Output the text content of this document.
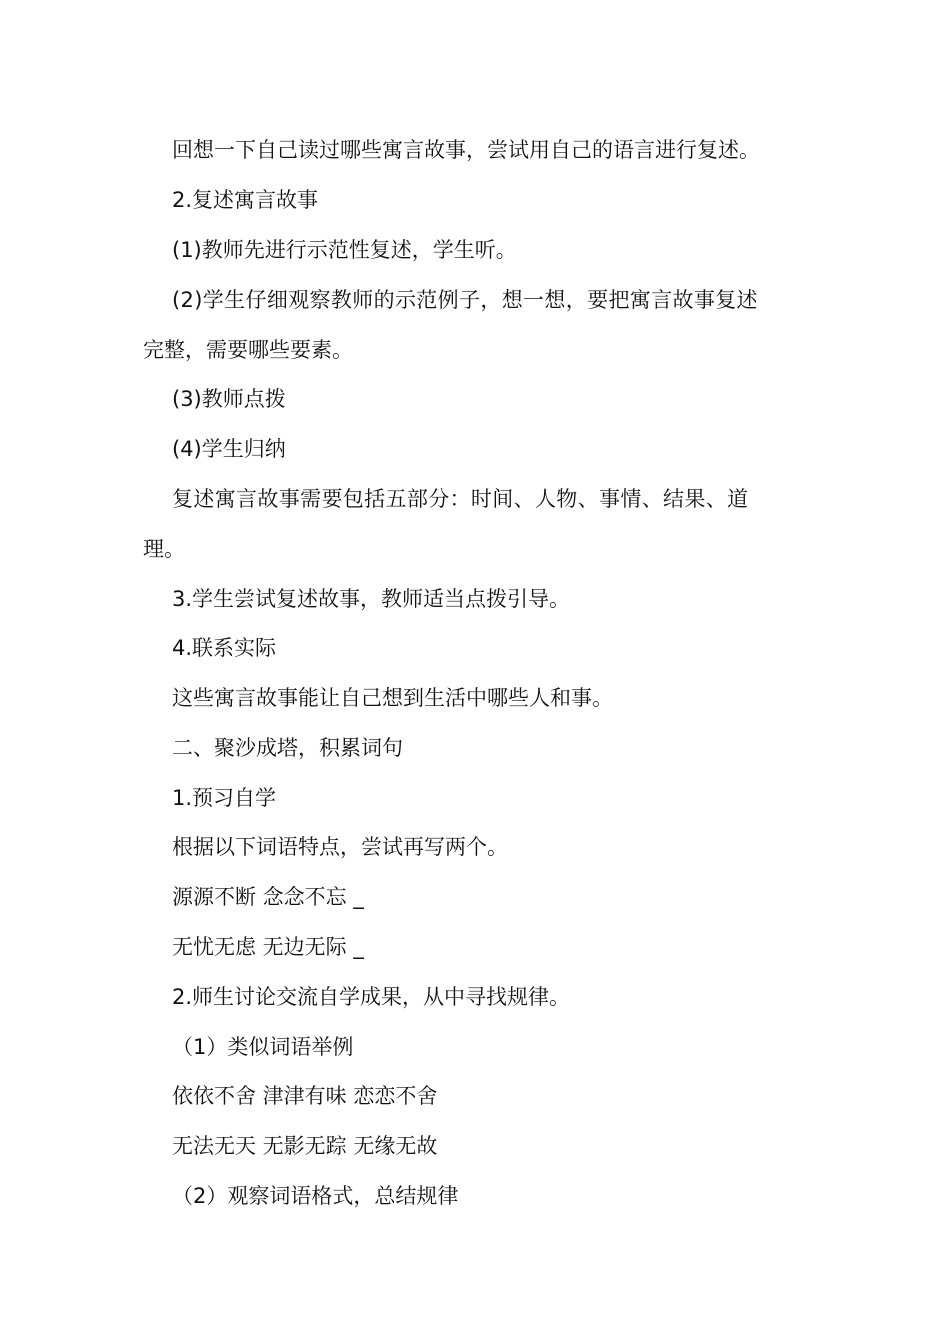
回想一下自己读过哪些寓言故事，尝试用自己的语言进行复述。
2.复述寓言故事
(1)教师先进行示范性复述，学生听。
(2)学生仔细观察教师的示范例子，想一想，要把寓言故事复述
完整，需要哪些要素。
(3)教师点拨
(4)学生归纳
复述寓言故事需要包括五部分：时间、人物、事情、结果、道
理。
3.学生尝试复述故事，教师适当点拨引导。
4.联系实际
这些寓言故事能让自己想到生活中哪些人和事。
二、聚沙成塔，积累词句
1.预习自学
根据以下词语特点，尝试再写两个。
源源不断 念念不忘 _
无忧无虑 无边无际 _
2.师生讨论交流自学成果，从中寻找规律。
（1）类似词语举例
依依不舍 津津有味 恋恋不舍
无法无天 无影无踪 无缘无故
（2）观察词语格式，总结规律
